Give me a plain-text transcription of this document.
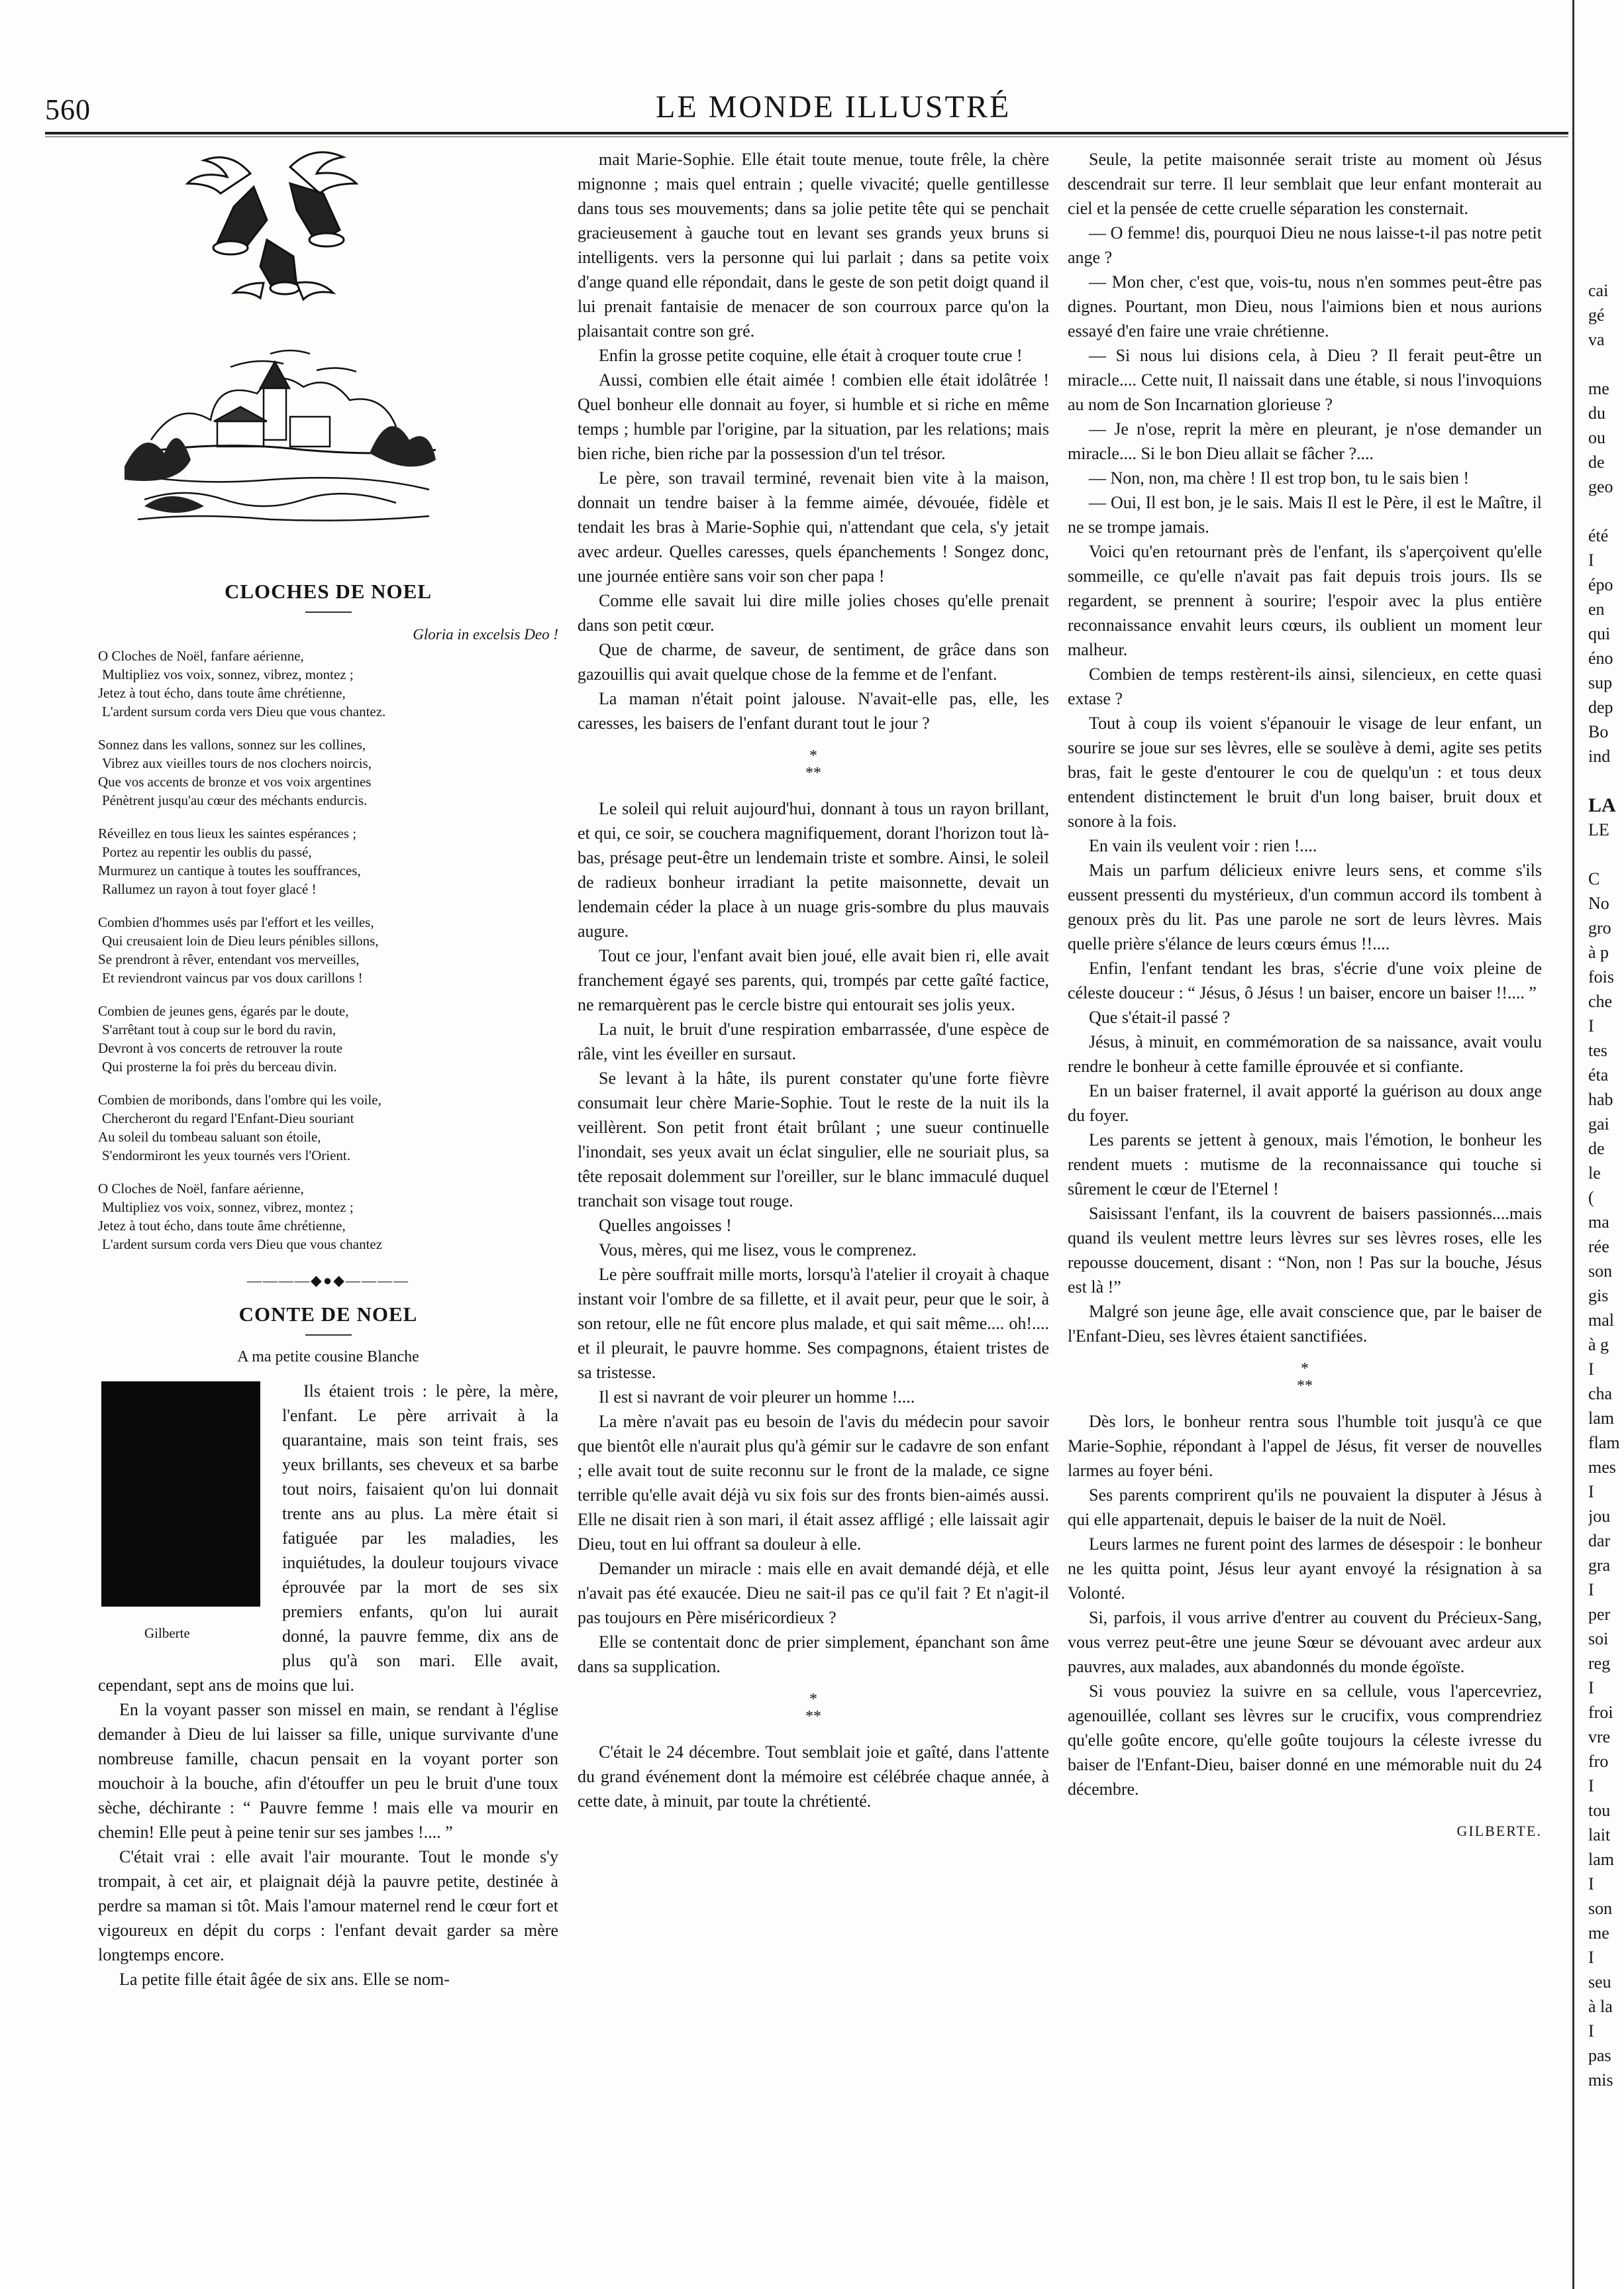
560	LE MONDE ILLUSTRÉ
CLOCHES DE NOEL

Gloria in excelsis Deo !

O Cloches de Noël, fanfare aérienne,
Multipliez vos voix, sonnez, vibrez, montez ;
Jetez à tout écho, dans toute âme chrétienne,
L'ardent sursum corda vers Dieu que vous chantez.
Sonnez dans les vallons, sonnez sur les collines,
Vibrez aux vieilles tours de nos clochers noircis,
Que vos accents de bronze et vos voix argentines
Pénètrent jusqu'au cœur des méchants endurcis.
Réveillez en tous lieux les saintes espérances ;
Portez au repentir les oublis du passé,
Murmurez un cantique à toutes les souffrances,
Rallumez un rayon à tout foyer glacé !
Combien d'hommes usés par l'effort et les veilles,
Qui creusaient loin de Dieu leurs pénibles sillons,
Se prendront à rêver, entendant vos merveilles,
Et reviendront vaincus par vos doux carillons !
Combien de jeunes gens, égarés par le doute,
S'arrêtant tout à coup sur le bord du ravin,
Devront à vos concerts de retrouver la route
Qui prosterne la foi près du berceau divin.
Combien de moribonds, dans l'ombre qui les voile,
Chercheront du regard l'Enfant-Dieu souriant
Au soleil du tombeau saluant son étoile,
S'endormiront les yeux tournés vers l'Orient.
O Cloches de Noël, fanfare aérienne,
Multipliez vos voix, sonnez, vibrez, montez ;
Jetez à tout écho, dans toute âme chrétienne,
L'ardent sursum corda vers Dieu que vous chantez
————◆●◆————
CONTE DE NOEL
A ma petite cousine Blanche
Gilberte

Ils étaient trois : le père, la mère, l'enfant. Le père arrivait à la quarantaine, mais son teint frais, ses yeux brillants, ses cheveux et sa barbe tout noirs, faisaient qu'on lui donnait trente ans au plus. La mère était si fatiguée par les maladies, les inquiétudes, la douleur toujours vivace éprouvée par la mort de ses six premiers enfants, qu'on lui aurait donné, la pauvre femme, dix ans de plus qu'à son mari. Elle avait, cependant, sept ans de moins que lui.

En la voyant passer son missel en main, se rendant à l'église demander à Dieu de lui laisser sa fille, unique survivante d'une nombreuse famille, chacun pensait en la voyant porter son mouchoir à la bouche, afin d'étouffer un peu le bruit d'une toux sèche, déchirante : “ Pauvre femme ! mais elle va mourir en chemin! Elle peut à peine tenir sur ses jambes !.... ”

C'était vrai : elle avait l'air mourante. Tout le monde s'y trompait, à cet air, et plaignait déjà la pauvre petite, destinée à perdre sa maman si tôt. Mais l'amour maternel rend le cœur fort et vigoureux en dépit du corps : l'enfant devait garder sa mère longtemps encore.

La petite fille était âgée de six ans. Elle se nom-

mait Marie-Sophie. Elle était toute menue, toute frêle, la chère mignonne ; mais quel entrain ; quelle vivacité; quelle gentillesse dans tous ses mouvements; dans sa jolie petite tête qui se penchait gracieusement à gauche tout en levant ses grands yeux bruns si intelligents. vers la personne qui lui parlait ; dans sa petite voix d'ange quand elle répondait, dans le geste de son petit doigt quand il lui prenait fantaisie de menacer de son courroux parce qu'on la plaisantait contre son gré.

Enfin la grosse petite coquine, elle était à croquer toute crue !

Aussi, combien elle était aimée ! combien elle était idolâtrée ! Quel bonheur elle donnait au foyer, si humble et si riche en même temps ; humble par l'origine, par la situation, par les relations; mais bien riche, bien riche par la possession d'un tel trésor.

Le père, son travail terminé, revenait bien vite à la maison, donnait un tendre baiser à la femme aimée, dévouée, fidèle et tendait les bras à Marie-Sophie qui, n'attendant que cela, s'y jetait avec ardeur. Quelles caresses, quels épanchements ! Songez donc, une journée entière sans voir son cher papa !

Comme elle savait lui dire mille jolies choses qu'elle prenait dans son petit cœur.

Que de charme, de saveur, de sentiment, de grâce dans son gazouillis qui avait quelque chose de la femme et de l'enfant.

La maman n'était point jalouse. N'avait-elle pas, elle, les caresses, les baisers de l'enfant durant tout le jour ?

*
**

Le soleil qui reluit aujourd'hui, donnant à tous un rayon brillant, et qui, ce soir, se couchera magnifiquement, dorant l'horizon tout là-bas, présage peut-être un lendemain triste et sombre. Ainsi, le soleil de radieux bonheur irradiant la petite maisonnette, devait un lendemain céder la place à un nuage gris-sombre du plus mauvais augure.

Tout ce jour, l'enfant avait bien joué, elle avait bien ri, elle avait franchement égayé ses parents, qui, trompés par cette gaîté factice, ne remarquèrent pas le cercle bistre qui entourait ses jolis yeux.

La nuit, le bruit d'une respiration embarrassée, d'une espèce de râle, vint les éveiller en sursaut.

Se levant à la hâte, ils purent constater qu'une forte fièvre consumait leur chère Marie-Sophie. Tout le reste de la nuit ils la veillèrent. Son petit front était brûlant ; une sueur continuelle l'inondait, ses yeux avait un éclat singulier, elle ne souriait plus, sa tête reposait dolemment sur l'oreiller, sur le blanc immaculé duquel tranchait son visage tout rouge.

Quelles angoisses !

Vous, mères, qui me lisez, vous le comprenez.

Le père souffrait mille morts, lorsqu'à l'atelier il croyait à chaque instant voir l'ombre de sa fillette, et il avait peur, peur que le soir, à son retour, elle ne fût encore plus malade, et qui sait même.... oh!.... et il pleurait, le pauvre homme. Ses compagnons, étaient tristes de sa tristesse.

Il est si navrant de voir pleurer un homme !....

La mère n'avait pas eu besoin de l'avis du médecin pour savoir que bientôt elle n'aurait plus qu'à gémir sur le cadavre de son enfant ; elle avait tout de suite reconnu sur le front de la malade, ce signe terrible qu'elle avait déjà vu six fois sur des fronts bien-aimés aussi. Elle ne disait rien à son mari, il était assez affligé ; elle laissait agir Dieu, tout en lui offrant sa douleur à elle.

Demander un miracle : mais elle en avait demandé déjà, et elle n'avait pas été exaucée. Dieu ne sait-il pas ce qu'il fait ? Et n'agit-il pas toujours en Père miséricordieux ?

Elle se contentait donc de prier simplement, épanchant son âme dans sa supplication.

*
**

C'était le 24 décembre. Tout semblait joie et gaîté, dans l'attente du grand événement dont la mémoire est célébrée chaque année, à cette date, à minuit, par toute la chrétienté.

Seule, la petite maisonnée serait triste au moment où Jésus descendrait sur terre. Il leur semblait que leur enfant monterait au ciel et la pensée de cette cruelle séparation les consternait.

— O femme! dis, pourquoi Dieu ne nous laisse-t-il pas notre petit ange ?

— Mon cher, c'est que, vois-tu, nous n'en sommes peut-être pas dignes. Pourtant, mon Dieu, nous l'aimions bien et nous aurions essayé d'en faire une vraie chrétienne.

— Si nous lui disions cela, à Dieu ? Il ferait peut-être un miracle.... Cette nuit, Il naissait dans une étable, si nous l'invoquions au nom de Son Incarnation glorieuse ?

— Je n'ose, reprit la mère en pleurant, je n'ose demander un miracle.... Si le bon Dieu allait se fâcher ?....

— Non, non, ma chère ! Il est trop bon, tu le sais bien !

— Oui, Il est bon, je le sais. Mais Il est le Père, il est le Maître, il ne se trompe jamais.

Voici qu'en retournant près de l'enfant, ils s'aperçoivent qu'elle sommeille, ce qu'elle n'avait pas fait depuis trois jours. Ils se regardent, se prennent à sourire; l'espoir avec la plus entière reconnaissance envahit leurs cœurs, ils oublient un moment leur malheur.

Combien de temps restèrent-ils ainsi, silencieux, en cette quasi extase ?

Tout à coup ils voient s'épanouir le visage de leur enfant, un sourire se joue sur ses lèvres, elle se soulève à demi, agite ses petits bras, fait le geste d'entourer le cou de quelqu'un : et tous deux entendent distinctement le bruit d'un long baiser, bruit doux et sonore à la fois.

En vain ils veulent voir : rien !....

Mais un parfum délicieux enivre leurs sens, et comme s'ils eussent pressenti du mystérieux, d'un commun accord ils tombent à genoux près du lit. Pas une parole ne sort de leurs lèvres. Mais quelle prière s'élance de leurs cœurs émus !!....

Enfin, l'enfant tendant les bras, s'écrie d'une voix pleine de céleste douceur : “ Jésus, ô Jésus ! un baiser, encore un baiser !!.... ”

Que s'était-il passé ?

Jésus, à minuit, en commémoration de sa naissance, avait voulu rendre le bonheur à cette famille éprouvée et si confiante.

En un baiser fraternel, il avait apporté la guérison au doux ange du foyer.

Les parents se jettent à genoux, mais l'émotion, le bonheur les rendent muets : mutisme de la reconnaissance qui touche si sûrement le cœur de l'Eternel !

Saisissant l'enfant, ils la couvrent de baisers passionnés....mais quand ils veulent mettre leurs lèvres sur ses lèvres roses, elle les repousse doucement, disant : “Non, non ! Pas sur la bouche, Jésus est là !”

Malgré son jeune âge, elle avait conscience que, par le baiser de l'Enfant-Dieu, ses lèvres étaient sanctifiées.

*
**

Dès lors, le bonheur rentra sous l'humble toit jusqu'à ce que Marie-Sophie, répondant à l'appel de Jésus, fit verser de nouvelles larmes au foyer béni.

Ses parents comprirent qu'ils ne pouvaient la disputer à Jésus à qui elle appartenait, depuis le baiser de la nuit de Noël.

Leurs larmes ne furent point des larmes de désespoir : le bonheur ne les quitta point, Jésus leur ayant envoyé la résignation à sa Volonté.

Si, parfois, il vous arrive d'entrer au couvent du Précieux-Sang, vous verrez peut-être une jeune Sœur se dévouant avec ardeur aux pauvres, aux malades, aux abandonnés du monde égoïste.

Si vous pouviez la suivre en sa cellule, vous l'apercevriez, agenouillée, collant ses lèvres sur le crucifix, vous comprendriez qu'elle goûte encore, qu'elle goûte toujours la céleste ivresse du baiser de l'Enfant-Dieu, baiser donné en une mémorable nuit du 24 décembre.

GILBERTE.
cai
gé
va

me
du
ou
de
geo

été
I
épo
en
qui
éno
sup
dep
Bo
ind
LA
LE

C
No
gro
à p
fois
che
I
tes
éta
hab
gai
de
le
(
ma
rée
son
gis
mal
à g
I
cha
lam
flam
mes
I
jou
dar
gra
I
per
soi
reg
I
froi
vre
fro
I
tou
lait
lam
I
son
me
I
seu
à la
I
pas
mis
